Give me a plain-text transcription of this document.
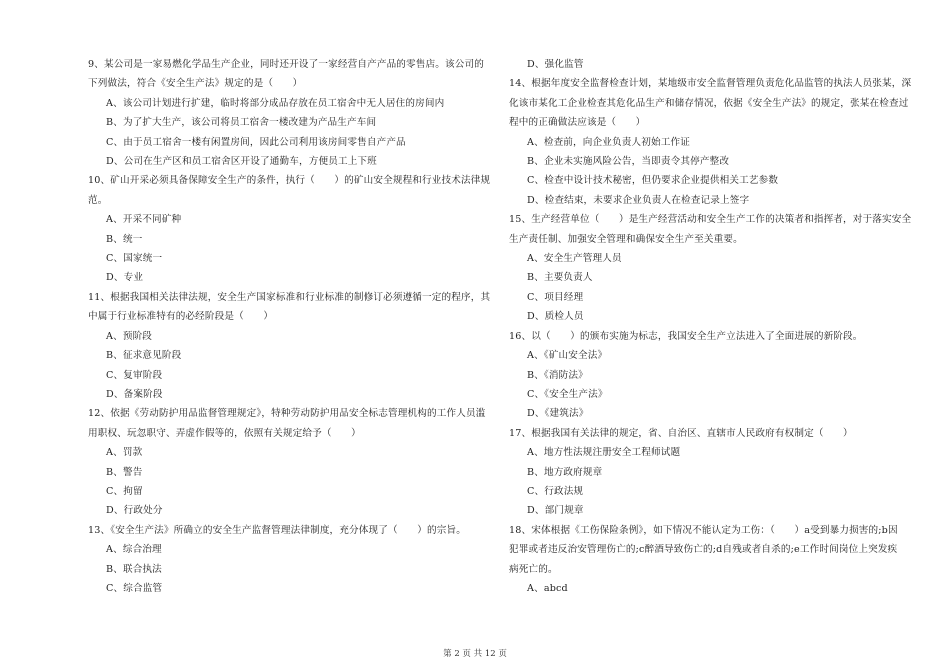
9、某公司是一家易燃化学品生产企业，同时还开设了一家经营自产产品的零售店。该公司的
下列做法，符合《安全生产法》规定的是（　　）
A、该公司计划进行扩建，临时将部分成品存放在员工宿舍中无人居住的房间内
B、为了扩大生产，该公司将员工宿舍一楼改建为产品生产车间
C、由于员工宿舍一楼有闲置房间，因此公司利用该房间零售自产产品
D、公司在生产区和员工宿舍区开设了通勤车，方便员工上下班
10、矿山开采必须具备保障安全生产的条件，执行（　　）的矿山安全规程和行业技术法律规
范。
A、开采不同矿种
B、统一
C、国家统一
D、专业
11、根据我国相关法律法规，安全生产国家标准和行业标准的制修订必须遵循一定的程序，其
中属于行业标准特有的必经阶段是（　　）
A、预阶段
B、征求意见阶段
C、复审阶段
D、备案阶段
12、依据《劳动防护用品监督管理规定》，特种劳动防护用品安全标志管理机构的工作人员滥
用职权、玩忽职守、弄虚作假等的，依照有关规定给予（　　）
A、罚款
B、警告
C、拘留
D、行政处分
13、《安全生产法》所确立的安全生产监督管理法律制度，充分体现了（　　）的宗旨。
A、综合治理
B、联合执法
C、综合监管
D、强化监管
14、根据年度安全监督检查计划，某地级市安全监督管理负责危化品监管的执法人员张某，深
化该市某化工企业检查其危化品生产和储存情况，依据《安全生产法》的规定，张某在检查过
程中的正确做法应该是（　　）
A、检查前，向企业负责人初始工作证
B、企业未实施风险公告，当即责令其停产整改
C、检查中设计技术秘密，但仍要求企业提供相关工艺参数
D、检查结束，未要求企业负责人在检查记录上签字
15、生产经营单位（　　）是生产经营活动和安全生产工作的决策者和指挥者，对于落实安全
生产责任制、加强安全管理和确保安全生产至关重要。
A、安全生产管理人员
B、主要负责人
C、项目经理
D、质检人员
16、以（　　）的颁布实施为标志，我国安全生产立法进入了全面进展的新阶段。
A、《矿山安全法》
B、《消防法》
C、《安全生产法》
D、《建筑法》
17、根据我国有关法律的规定，省、自治区、直辖市人民政府有权制定（　　）
A、地方性法规注册安全工程师试题
B、地方政府规章
C、行政法规
D、部门规章
18、宋体根据《工伤保险条例》，如下情况不能认定为工伤：（　　）a受到暴力损害的;b因
犯罪或者违反治安管理伤亡的;c醉酒导致伤亡的;d自残或者自杀的;e工作时间岗位上突发疾
病死亡的。
A、abcd
第 2 页 共 12 页
